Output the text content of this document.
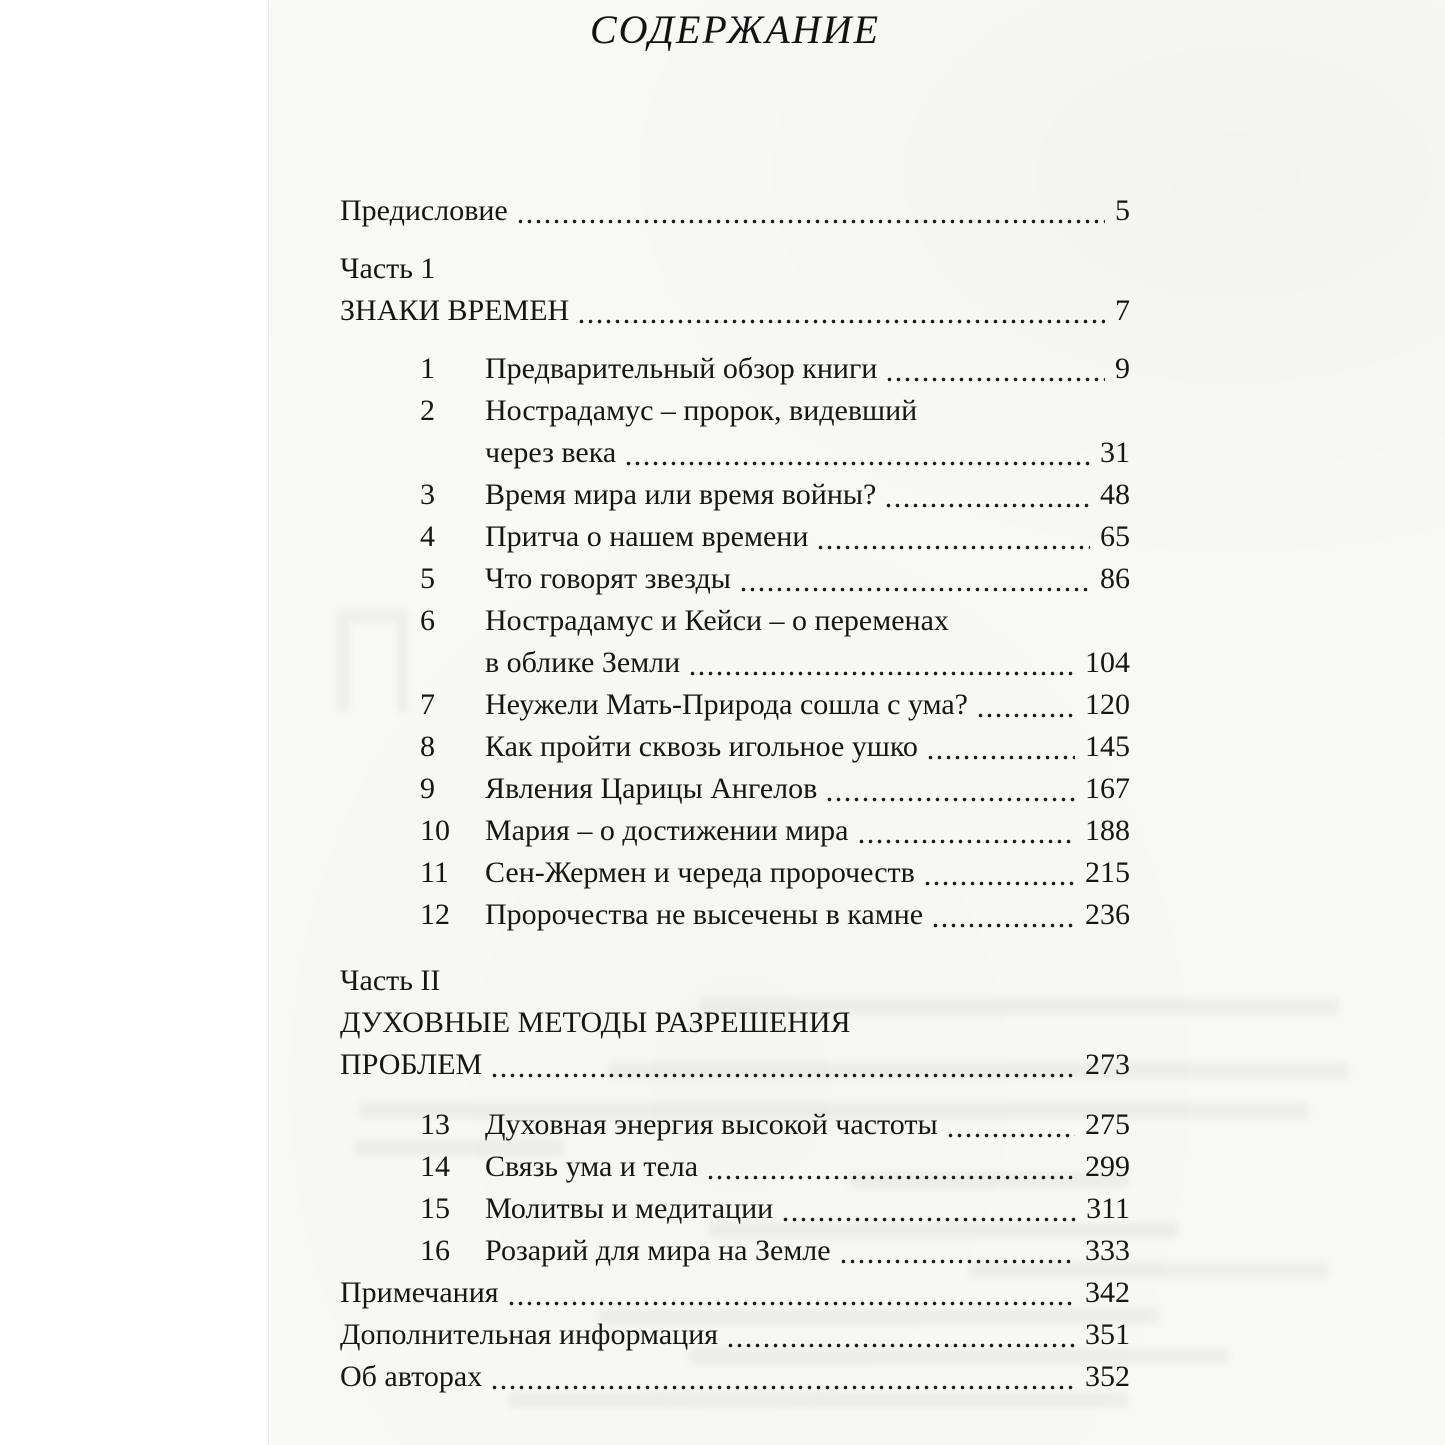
СОДЕРЖАНИЕ
Предисловие	5
Часть 1
ЗНАКИ ВРЕМЕН	7
1	Предварительный обзор книги	9
2	Нострадамус – пророк, видевший
через века	31
3	Время мира или время войны?	48
4	Притча о нашем времени	65
5	Что говорят звезды	86
6	Нострадамус и Кейси – о переменах
в облике Земли	104
7	Неужели Мать-Природа сошла с ума?	120
8	Как пройти сквозь игольное ушко	145
9	Явления Царицы Ангелов	167
10	Мария – о достижении мира	188
11	Сен-Жермен и череда пророчеств	215
12	Пророчества не высечены в камне	236
Часть II
ДУХОВНЫЕ МЕТОДЫ РАЗРЕШЕНИЯ
ПРОБЛЕМ	273
13	Духовная энергия высокой частоты	275
14	Связь ума и тела	299
15	Молитвы и медитации	311
16	Розарий для мира на Земле	333
Примечания	342
Дополнительная информация	351
Об авторах	352
